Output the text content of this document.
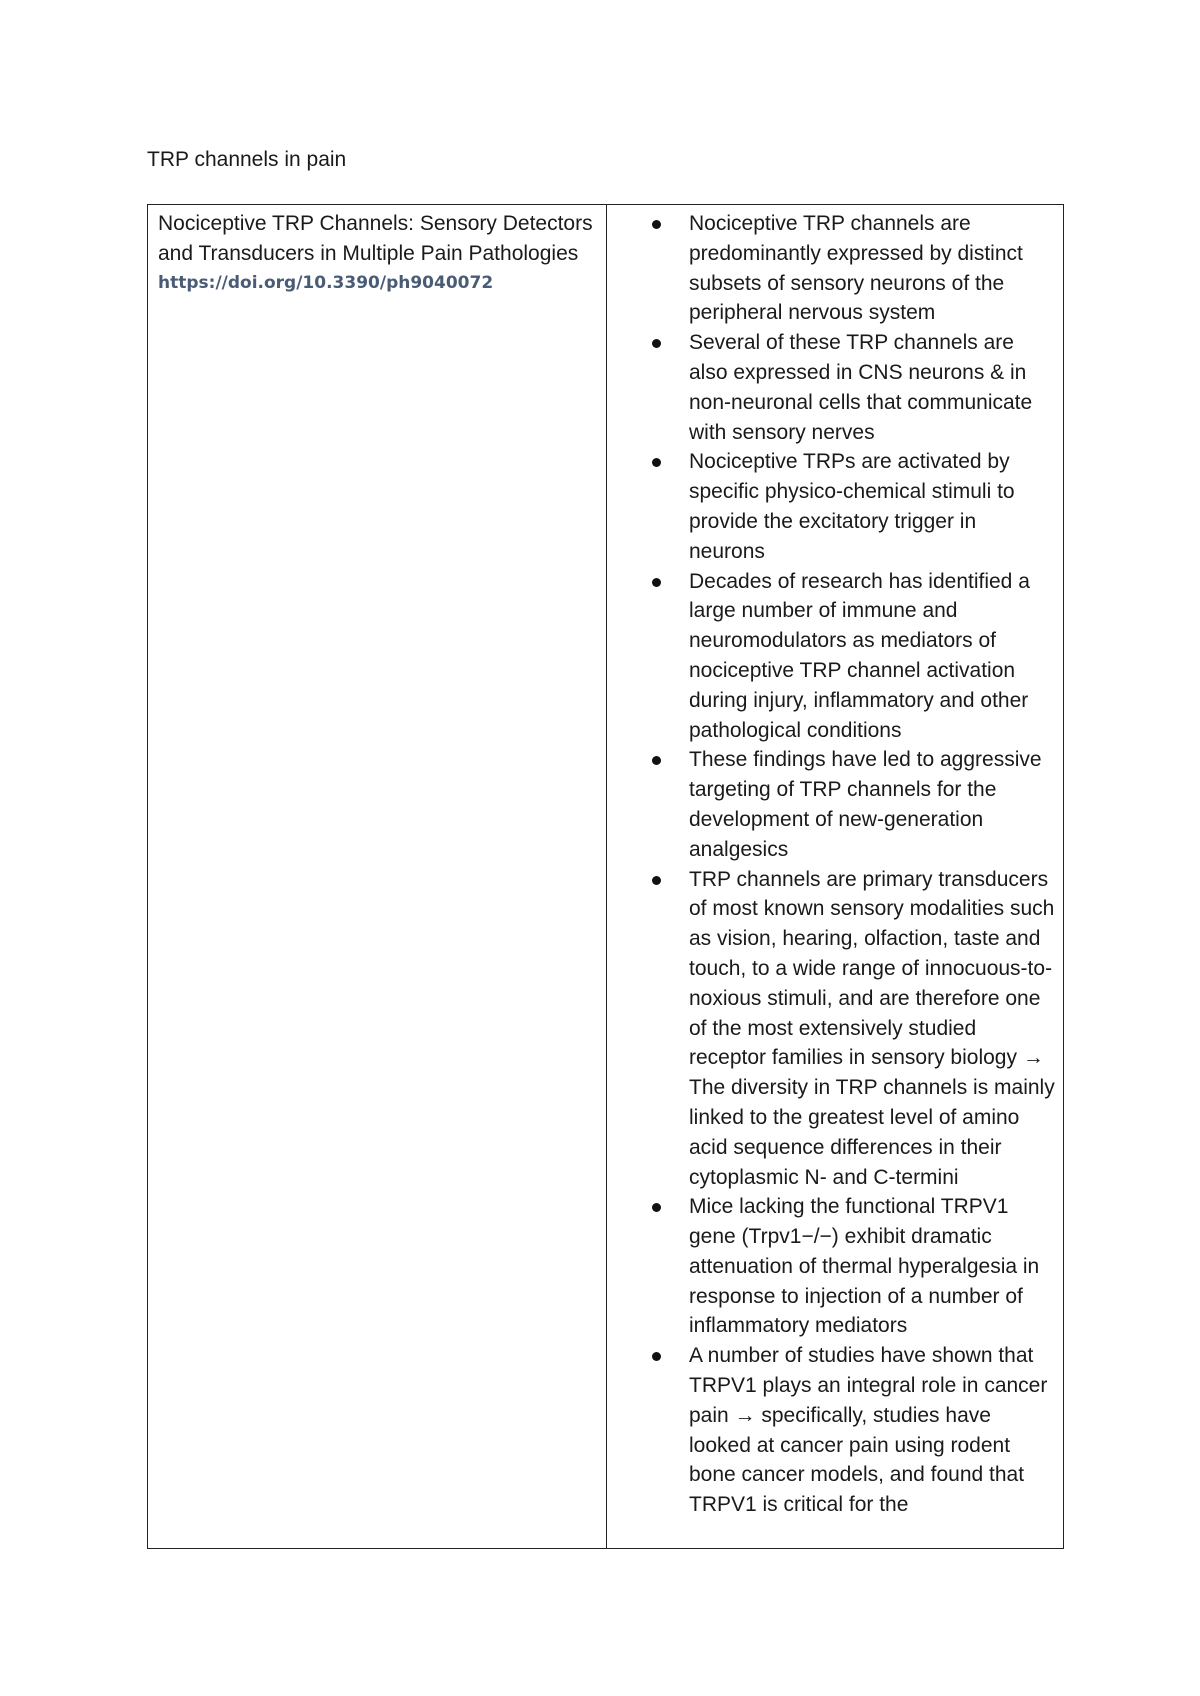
TRP channels in pain

Nociceptive TRP Channels: Sensory Detectors and Transducers in Multiple Pain Pathologies

https://doi.org/10.3390/ph9040072
Nociceptive TRP channels are predominantly expressed by distinct subsets of sensory neurons of the peripheral nervous system
Several of these TRP channels are also expressed in CNS neurons & in non-neuronal cells that communicate with sensory nerves
Nociceptive TRPs are activated by specific physico-chemical stimuli to provide the excitatory trigger in neurons
Decades of research has identified a large number of immune and neuromodulators as mediators of nociceptive TRP channel activation during injury, inflammatory and other pathological conditions
These findings have led to aggressive targeting of TRP channels for the development of new-generation analgesics
TRP channels are primary transducers of most known sensory modalities such as vision, hearing, olfaction, taste and touch, to a wide range of innocuous-to-noxious stimuli, and are therefore one of the most extensively studied receptor families in sensory biology → The diversity in TRP channels is mainly linked to the greatest level of amino acid sequence differences in their cytoplasmic N- and C-termini
Mice lacking the functional TRPV1 gene (Trpv1−/−) exhibit dramatic attenuation of thermal hyperalgesia in response to injection of a number of inflammatory mediators
A number of studies have shown that TRPV1 plays an integral role in cancer pain → specifically, studies have looked at cancer pain using rodent bone cancer models, and found that TRPV1 is critical for the
